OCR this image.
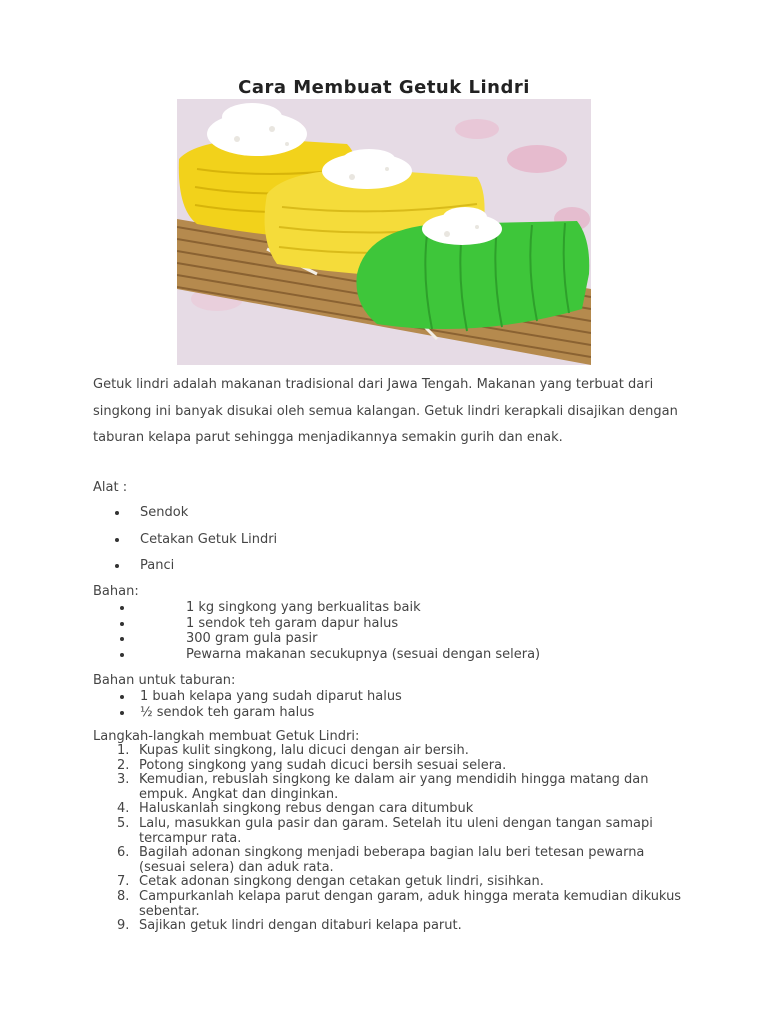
Cara Membuat Getuk Lindri
Getuk lindri adalah makanan tradisional dari Jawa Tengah. Makanan yang terbuat dari singkong ini banyak disukai oleh semua kalangan. Getuk lindri kerapkali disajikan dengan taburan kelapa parut sehingga menjadikannya semakin gurih dan enak.
Alat :
Sendok
Cetakan Getuk Lindri
Panci
Bahan:
1 kg singkong yang berkualitas baik
1 sendok teh garam dapur halus
300 gram gula pasir
Pewarna makanan secukupnya (sesuai dengan selera)
Bahan untuk taburan:
1 buah kelapa yang sudah diparut halus
½ sendok teh garam halus
Langkah-langkah membuat Getuk Lindri:
1. Kupas kulit singkong, lalu dicuci dengan air bersih.
2. Potong singkong yang sudah dicuci bersih sesuai selera.
3. Kemudian, rebuslah singkong ke dalam air yang mendidih hingga matang dan empuk. Angkat dan dinginkan.
4. Haluskanlah singkong rebus dengan cara ditumbuk
5. Lalu, masukkan gula pasir dan garam. Setelah itu uleni dengan tangan samapi tercampur rata.
6. Bagilah adonan singkong menjadi beberapa bagian lalu beri tetesan pewarna (sesuai selera) dan aduk rata.
7. Cetak adonan singkong dengan cetakan getuk lindri, sisihkan.
8. Campurkanlah kelapa parut dengan garam, aduk hingga merata kemudian dikukus sebentar.
9. Sajikan getuk lindri dengan ditaburi kelapa parut.
